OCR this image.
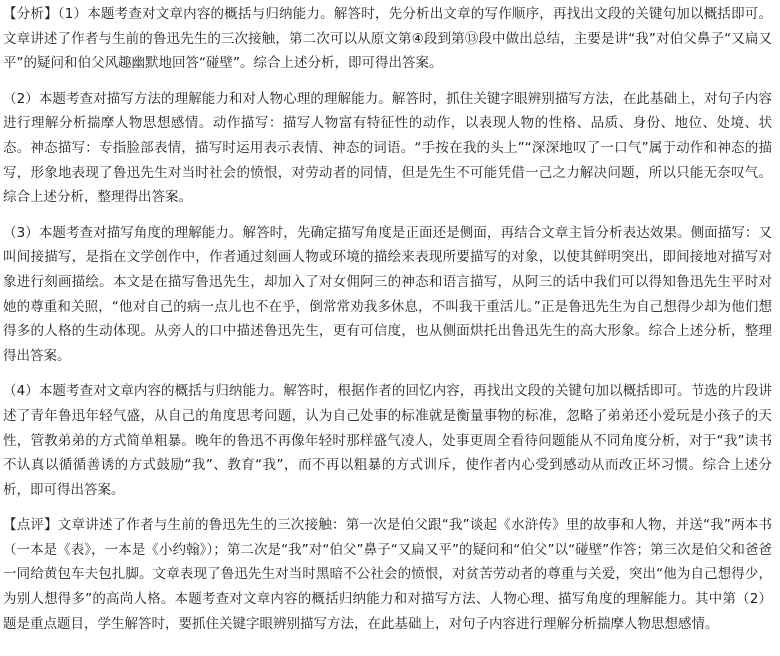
【分析】（1）本题考查对文章内容的概括与归纳能力。解答时，先分析出文章的写作顺序，再找出文段的关键句加以概括即可。文章讲述了作者与生前的鲁迅先生的三次接触，第二次可以从原文第④段到第⑬段中做出总结，主要是讲“我”对伯父鼻子“又扁又平”的疑问和伯父风趣幽默地回答“碰壁”。综合上述分析，即可得出答案。

（2）本题考查对描写方法的理解能力和对人物心理的理解能力。解答时，抓住关键字眼辨别描写方法，在此基础上，对句子内容进行理解分析揣摩人物思想感情。动作描写：描写人物富有特征性的动作，以表现人物的性格、品质、身份、地位、处境、状态。神态描写：专指脸部表情，描写时运用表示表情、神态的词语。“手按在我的头上”“深深地叹了一口气”属于动作和神态的描写，形象地表现了鲁迅先生对当时社会的愤恨，对劳动者的同情，但是先生不可能凭借一己之力解决问题，所以只能无奈叹气。综合上述分析，整理得出答案。

（3）本题考查对描写角度的理解能力。解答时，先确定描写角度是正面还是侧面，再结合文章主旨分析表达效果。侧面描写：又叫间接描写，是指在文学创作中，作者通过刻画人物或环境的描绘来表现所要描写的对象，以使其鲜明突出，即间接地对描写对象进行刻画描绘。本文是在描写鲁迅先生，却加入了对女佣阿三的神态和语言描写，从阿三的话中我们可以得知鲁迅先生平时对她的尊重和关照，“他对自己的病一点儿也不在乎，倒常常劝我多休息，不叫我干重活儿。”正是鲁迅先生为自己想得少却为他们想得多的人格的生动体现。从旁人的口中描述鲁迅先生，更有可信度，也从侧面烘托出鲁迅先生的高大形象。综合上述分析，整理得出答案。

（4）本题考查对文章内容的概括与归纳能力。解答时，根据作者的回忆内容，再找出文段的关键句加以概括即可。节选的片段讲述了青年鲁迅年轻气盛，从自己的角度思考问题，认为自己处事的标准就是衡量事物的标准，忽略了弟弟还小爱玩是小孩子的天性，管教弟弟的方式简单粗暴。晚年的鲁迅不再像年轻时那样盛气凌人，处事更周全看待问题能从不同角度分析，对于“我”读书不认真以循循善诱的方式鼓励“我”、教育“我”，而不再以粗暴的方式训斥，使作者内心受到感动从而改正坏习惯。综合上述分析，即可得出答案。

【点评】文章讲述了作者与生前的鲁迅先生的三次接触：第一次是伯父跟“我”谈起《水浒传》里的故事和人物，并送“我”两本书（一本是《表》，一本是《小约翰》）；第二次是“我”对“伯父”鼻子“又扁又平”的疑问和“伯父”以“碰壁”作答；第三次是伯父和爸爸一同给黄包车夫包扎脚。文章表现了鲁迅先生对当时黑暗不公社会的愤恨，对贫苦劳动者的尊重与关爱，突出“他为自己想得少，为别人想得多”的高尚人格。本题考查对文章内容的概括归纳能力和对描写方法、人物心理、描写角度的理解能力。其中第（2）题是重点题目，学生解答时，要抓住关键字眼辨别描写方法，在此基础上，对句子内容进行理解分析揣摩人物思想感情。
